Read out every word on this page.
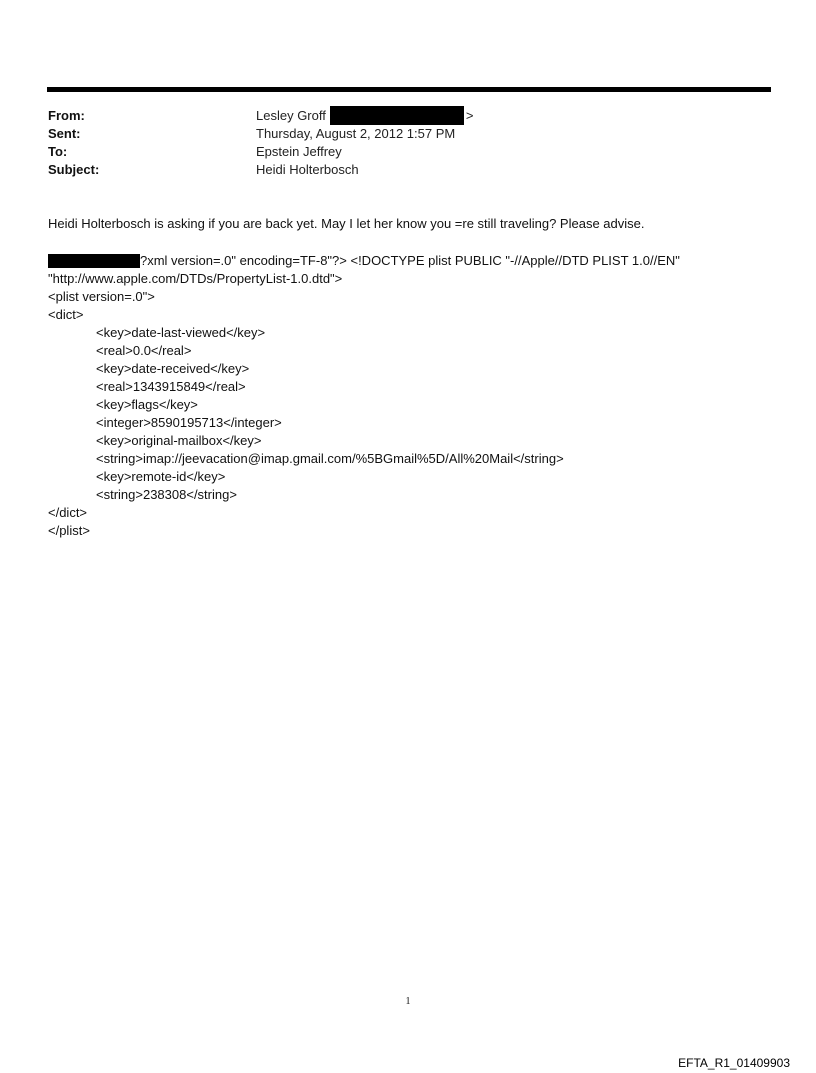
From:	Lesley Groff	>
Sent:	Thursday, August 2, 2012 1:57 PM
To:	Epstein Jeffrey
Subject:	Heidi Holterbosch
Heidi Holterbosch is asking if you are back yet. May I let her know you =re still traveling? Please advise.
?xml version=.0" encoding=TF-8"?> <!DOCTYPE plist PUBLIC "-//Apple//DTD PLIST 1.0//EN"
"http://www.apple.com/DTDs/PropertyList-1.0.dtd">
<plist version=.0">
<dict>
<key>date-last-viewed</key>
<real>0.0</real>
<key>date-received</key>
<real>1343915849</real>
<key>flags</key>
<integer>8590195713</integer>
<key>original-mailbox</key>
<string>imap://jeevacation@imap.gmail.com/%5BGmail%5D/All%20Mail</string>
<key>remote-id</key>
<string>238308</string>
</dict>
</plist>
1
EFTA_R1_01409903
